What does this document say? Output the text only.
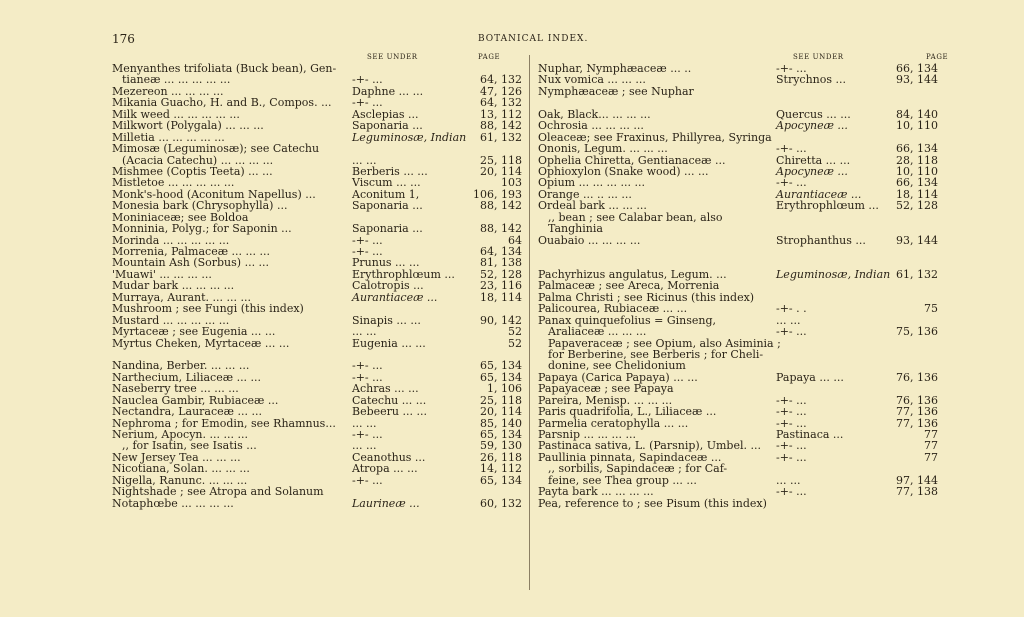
176	BOTANICAL INDEX.
SEE UNDER	PAGE
Menyanthes trifoliata (Buck bean), Gen-
tianeæ ... ... ... ... ...	-+- ...	64, 132
Mezereon ... ... ... ...	Daphne ... ...	47, 126
Mikania Guacho, H. and B., Compos. ... -+- ...	64, 132
Milk weed ... ... ... ... ...	Asclepias ...	13, 112
Milkwort (Polygala) ... ... ...	Saponaria ...	88, 142
Milletia ... ... ... ... ...	Leguminosæ, Indian 61, 132
Mimosæ (Leguminosæ); see Catechu
(Acacia Catechu) ... ... ... ...	... ...	25, 118
Mishmee (Coptis Teeta) ... ...	Berberis ... ...	20, 114
Mistletoe ... ... ... ... ...	Viscum ... ...	103
Monk's-hood (Aconitum Napellus) ...	Aconitum 1,	106, 193
Monesia bark (Chrysophylla) ...	Saponaria ...	88, 142
Moniniaceæ; see Boldoa
Monninia, Polyg.; for Saponin ...	Saponaria ...	88, 142
Morinda ... ... ... ... ...	-+- ...	64
Morrenia, Palmaceæ ... ... ...	-+- ...	64, 134
Mountain Ash (Sorbus) ... ...	Prunus ... ...	81, 138
'Muawi' ... ... ... ...	Erythrophlœum ... 52, 128
Mudar bark ... ... ... ...	Calotropis ...	23, 116
Murraya, Aurant. ... ... ...	Aurantiaceæ ...	18, 114
Mushroom ; see Fungi (this index)
Mustard ... ... ... ... ...	Sinapis ... ...	90, 142
Myrtaceæ ; see Eugenia ... ...	... ...	52
Myrtus Cheken, Myrtaceæ ... ...	Eugenia ... ...	52
Nandina, Berber. ... ... ...	-+- ...	65, 134
Narthecium, Liliaceæ ... ...	-+- ...	65, 134
Naseberry tree ... ... ...	Achras ... ...	1, 106
Nauclea Gambir, Rubiaceæ ...	Catechu ... ...	25, 118
Nectandra, Lauraceæ ... ...	Bebeeru ... ...	20, 114
Nephroma ; for Emodin, see Rhamnus... ... ...	85, 140
Nerium, Apocyn. ... ... ...	-+- ...	65, 134
,, for Isatin, see Isatis ...	... ...	59, 130
New Jersey Tea ... ... ...	Ceanothus ...	26, 118
Nicotiana, Solan. ... ... ...	Atropa ... ...	14, 112
Nigella, Ranunc. ... ... ...	-+- ...	65, 134
Nightshade ; see Atropa and Solanum
Notaphœbe ... ... ... ...	Laurineæ ...	60, 132
SEE UNDER	PAGE
Nuphar, Nymphæaceæ ... ..	-+- ...	66, 134
Nux vomica ... ... ...	Strychnos ...	93, 144
Nymphæaceæ ; see Nuphar
Oak, Black... ... ... ...	Quercus ... ...	84, 140
Ochrosia ... ... ... ...	Apocyneæ ...	10, 110
Oleaceæ; see Fraxinus, Phillyrea, Syringa
Ononis, Legum. ... ... ...	-+- ...	66, 134
Ophelia Chiretta, Gentianaceæ ...	Chiretta ... ...	28, 118
Ophioxylon (Snake wood) ... ...	Apocyneæ ...	10, 110
Opium ... ... ... ... ...	-+- ...	66, 134
Orange ... .. ... ...	Aurantiaceæ ...	18, 114
Ordeal bark ... ... ...	Erythrophlœum ... 52, 128
,, bean ; see Calabar bean, also
Tanghinia
Ouabaio ... ... ... ...	Strophanthus ...	93, 144
Pachyrhizus angulatus, Legum. ...	Leguminosæ, Indian 61, 132
Palmaceæ ; see Areca, Morrenia
Palma Christi ; see Ricinus (this index)
Palicourea, Rubiaceæ ... ...	-+- . .	75
Panax quinquefolius = Ginseng,	... ...
Araliaceæ ... ... ...	-+- ...	75, 136
Papaveraceæ ; see Opium, also Asiminia ;
for Berberine, see Berberis ; for Cheli-
donine, see Chelidonium
Papaya (Carica Papaya) ... ...	Papaya ... ...	76, 136
Papayaceæ ; see Papaya
Pareira, Menisp. ... ... ...	-+- ...	76, 136
Paris quadrifolia, L., Liliaceæ ...	-+- ...	77, 136
Parmelia ceratophylla ... ...	-+- ...	77, 136
Parsnip ... ... ... ...	Pastinaca ...	77
Pastinaca sativa, L. (Parsnip), Umbel. ... -+- ...	77
Paullinia pinnata, Sapindaceæ ...	-+- ...	77
,, sorbilis, Sapindaceæ ; for Caf-
feine, see Thea group ... ...	... ...	97, 144
Payta bark ... ... ... ...	-+- ...	77, 138
Pea, reference to ; see Pisum (this index)
